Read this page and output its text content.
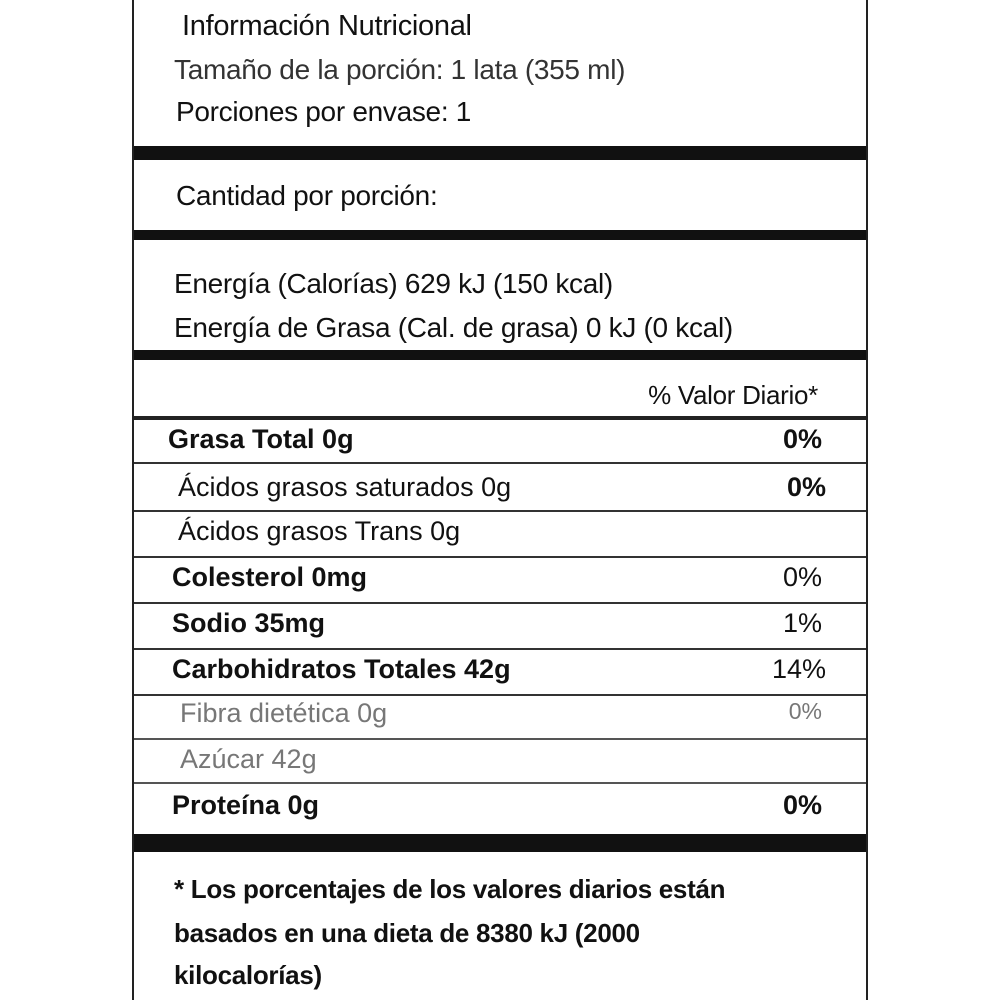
Información Nutricional
Tamaño de la porción: 1 lata (355 ml)
Porciones por envase: 1
Cantidad por porción:
Energía (Calorías) 629 kJ (150 kcal)
Energía de Grasa (Cal. de grasa) 0 kJ (0 kcal)
% Valor Diario*
Grasa Total 0g	0%
Ácidos grasos saturados 0g	0%
Ácidos grasos Trans 0g
Colesterol 0mg	0%
Sodio 35mg	1%
Carbohidratos Totales 42g	14%
Fibra dietética 0g	0%
Azúcar 42g
Proteína 0g	0%
* Los porcentajes de los valores diarios están
basados en una dieta de 8380 kJ (2000
kilocalorías)
